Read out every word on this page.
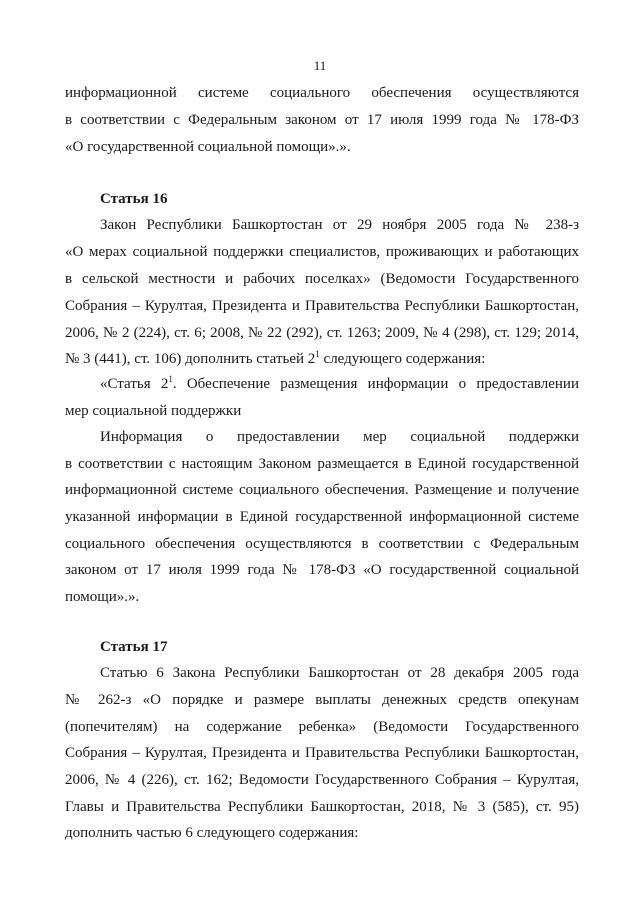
11
информационной системе социального обеспечения осуществляются
в соответствии с Федеральным законом от 17 июля 1999 года № 178-ФЗ
«О государственной социальной помощи».».
Статья 16
Закон Республики Башкортостан от 29 ноября 2005 года № 238-з
«О мерах социальной поддержки специалистов, проживающих и работающих
в сельской местности и рабочих поселках» (Ведомости Государственного
Собрания – Курултая, Президента и Правительства Республики Башкортостан,
2006, № 2 (224), ст. 6; 2008, № 22 (292), ст. 1263; 2009, № 4 (298), ст. 129; 2014,
№ 3 (441), ст. 106) дополнить статьей $2^1$ следующего содержания:
«Статья $2^1$. Обеспечение размещения информации о предоставлении
мер социальной поддержки
Информация о предоставлении мер социальной поддержки
в соответствии с настоящим Законом размещается в Единой государственной
информационной системе социального обеспечения. Размещение и получение
указанной информации в Единой государственной информационной системе
социального обеспечения осуществляются в соответствии с Федеральным
законом от 17 июля 1999 года № 178-ФЗ «О государственной социальной
помощи».».
Статья 17
Статью 6 Закона Республики Башкортостан от 28 декабря 2005 года
№ 262-з «О порядке и размере выплаты денежных средств опекунам
(попечителям) на содержание ребенка» (Ведомости Государственного
Собрания – Курултая, Президента и Правительства Республики Башкортостан,
2006, № 4 (226), ст. 162; Ведомости Государственного Собрания – Курултая,
Главы и Правительства Республики Башкортостан, 2018, № 3 (585), ст. 95)
дополнить частью 6 следующего содержания:
